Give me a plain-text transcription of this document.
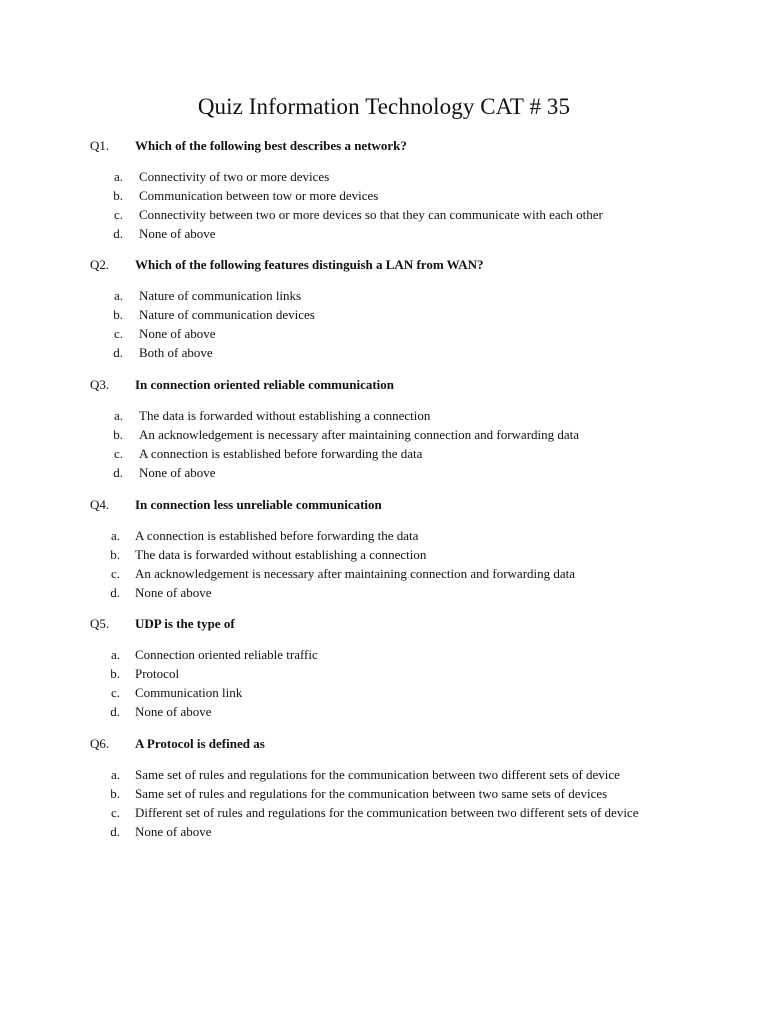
Quiz Information Technology CAT # 35
Q1. Which of the following best describes a network?
a. Connectivity of two or more devices
b. Communication between tow or more devices
c. Connectivity between two or more devices so that they can communicate with each other
d. None of above
Q2. Which of the following features distinguish a LAN from WAN?
a. Nature of communication links
b. Nature of communication devices
c. None of above
d. Both of above
Q3. In connection oriented reliable communication
a. The data is forwarded without establishing a connection
b. An acknowledgement is necessary after maintaining connection and forwarding data
c. A connection is established before forwarding the data
d. None of above
Q4. In connection less unreliable communication
a. A connection is established before forwarding the data
b. The data is forwarded without establishing a connection
c. An acknowledgement is necessary after maintaining connection and forwarding data
d. None of above
Q5. UDP is the type of
a. Connection oriented reliable traffic
b. Protocol
c. Communication link
d. None of above
Q6. A Protocol is defined as
a. Same set of rules and regulations for the communication between two different sets of device
b. Same set of rules and regulations for the communication between two same sets of devices
c. Different set of rules and regulations for the communication between two different sets of device
d. None of above
